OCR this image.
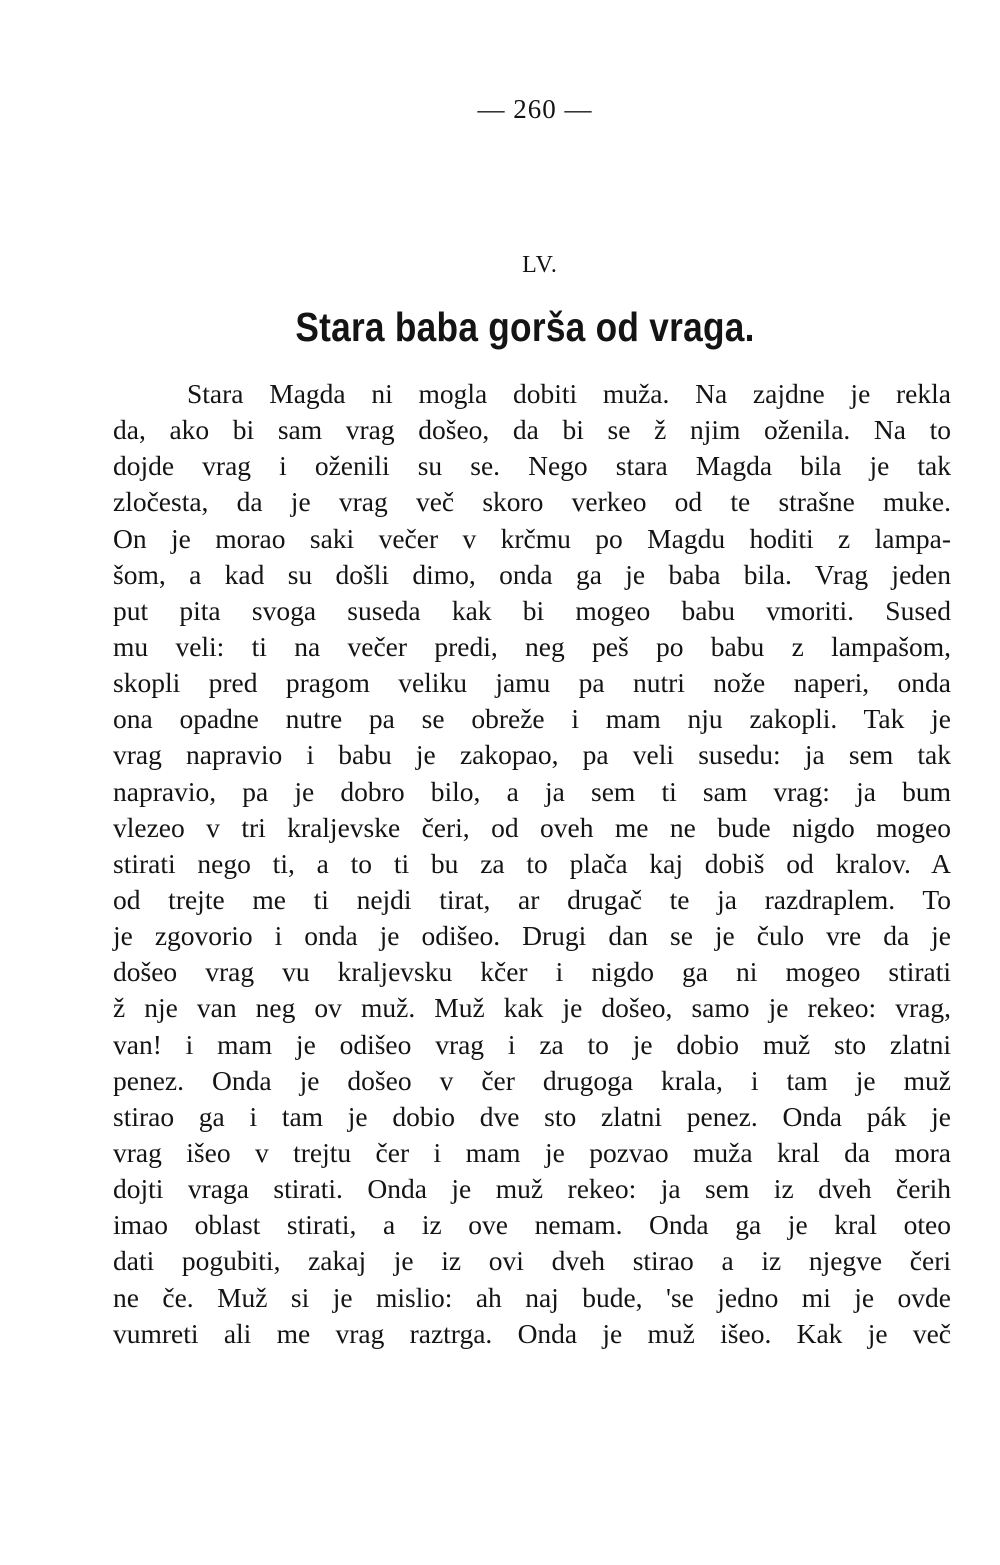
— 260 —
LV.
Stara baba gorša od vraga.
Stara Magda ni mogla dobiti muža. Na zajdne je rekla
da, ako bi sam vrag došeo, da bi se ž njim oženila. Na to
dojde vrag i oženili su se. Nego stara Magda bila je tak
zločesta, da je vrag več skoro verkeo od te strašne muke.
On je morao saki večer v krčmu po Magdu hoditi z lampa-
šom, a kad su došli dimo, onda ga je baba bila. Vrag jeden
put pita svoga suseda kak bi mogeo babu vmoriti. Sused
mu veli: ti na večer predi, neg peš po babu z lampašom,
skopli pred pragom veliku jamu pa nutri nože naperi, onda
ona opadne nutre pa se obreže i mam nju zakopli. Tak je
vrag napravio i babu je zakopao, pa veli susedu: ja sem tak
napravio, pa je dobro bilo, a ja sem ti sam vrag: ja bum
vlezeo v tri kraljevske čeri, od oveh me ne bude nigdo mogeo
stirati nego ti, a to ti bu za to plača kaj dobiš od kralov. A
od trejte me ti nejdi tirat, ar drugač te ja razdraplem. To
je zgovorio i onda je odišeo. Drugi dan se je čulo vre da je
došeo vrag vu kraljevsku kčer i nigdo ga ni mogeo stirati
ž nje van neg ov muž. Muž kak je došeo, samo je rekeo: vrag,
van! i mam je odišeo vrag i za to je dobio muž sto zlatni
penez. Onda je došeo v čer drugoga krala, i tam je muž
stirao ga i tam je dobio dve sto zlatni penez. Onda pák je
vrag išeo v trejtu čer i mam je pozvao muža kral da mora
dojti vraga stirati. Onda je muž rekeo: ja sem iz dveh čerih
imao oblast stirati, a iz ove nemam. Onda ga je kral oteo
dati pogubiti, zakaj je iz ovi dveh stirao a iz njegve čeri
ne če. Muž si je mislio: ah naj bude, 'se jedno mi je ovde
vumreti ali me vrag raztrga. Onda je muž išeo. Kak je več
